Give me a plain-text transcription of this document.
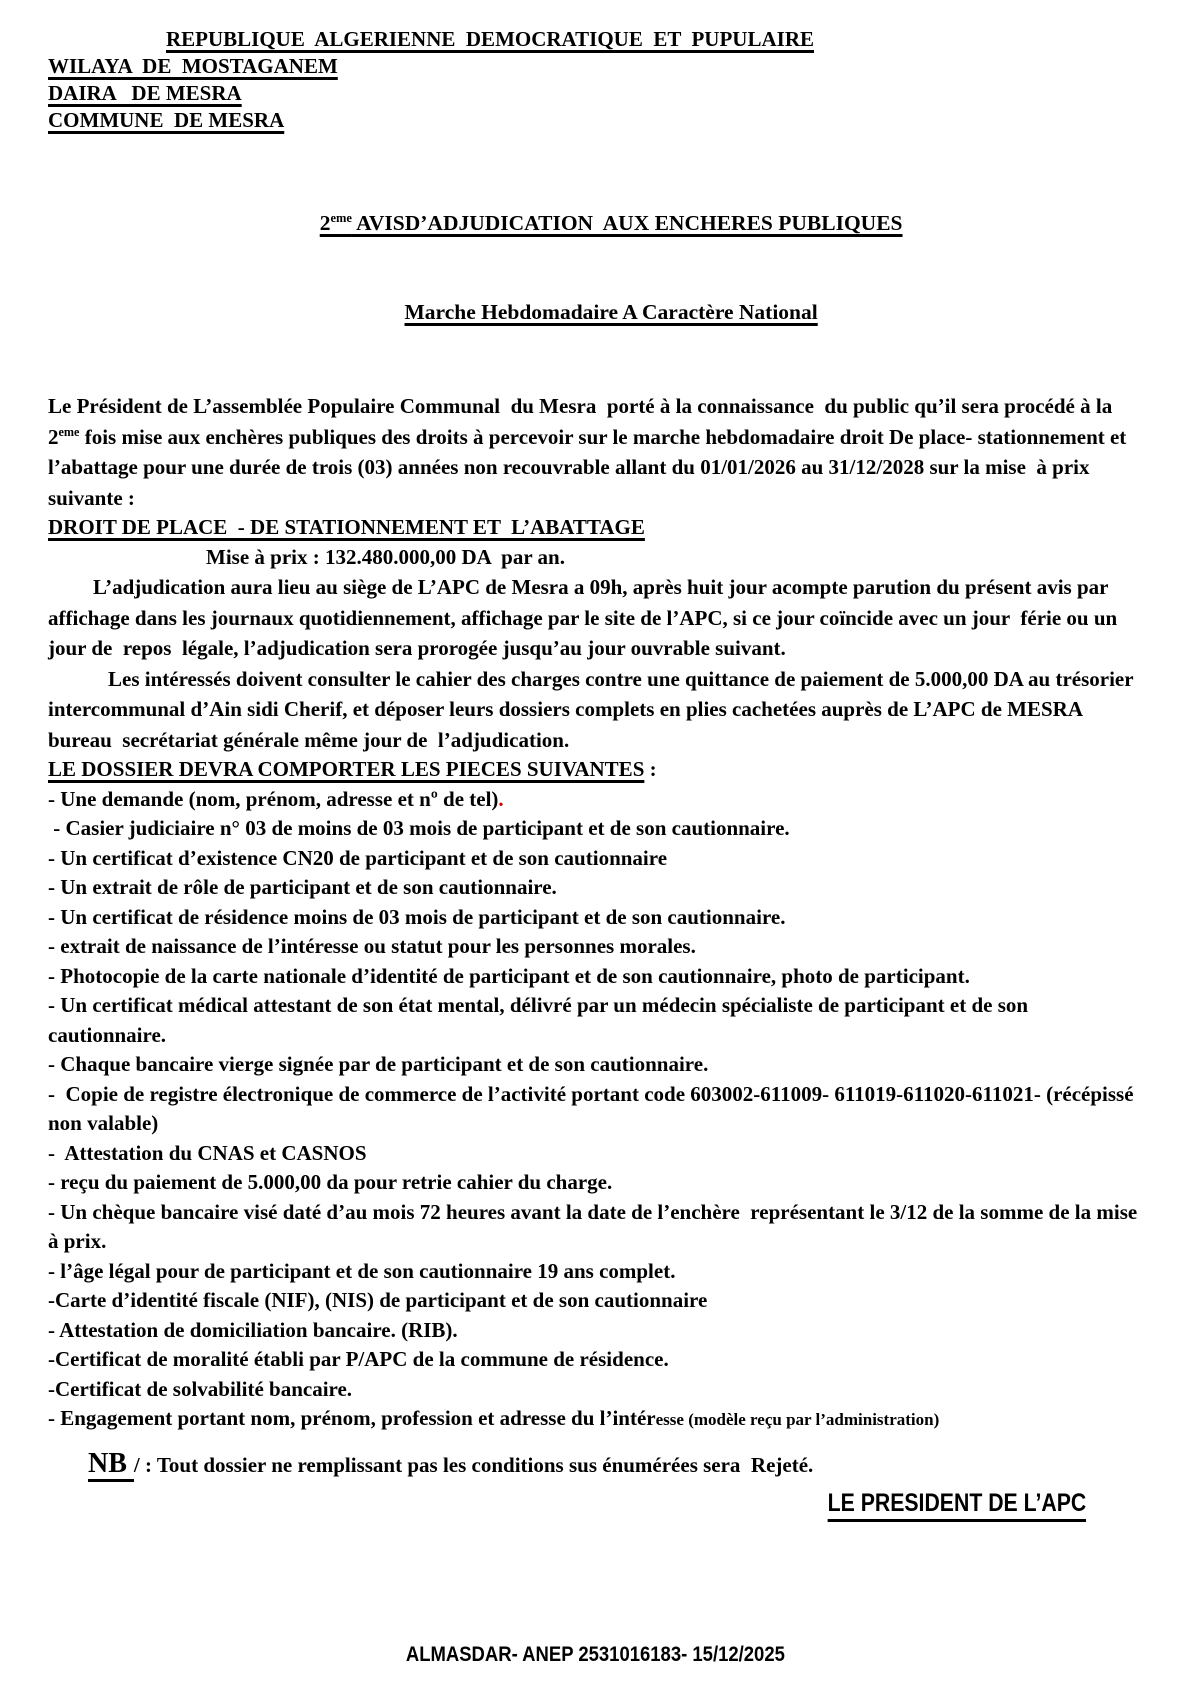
REPUBLIQUE  ALGERIENNE  DEMOCRATIQUE  ET  PUPULAIRE
WILAYA  DE  MOSTAGANEM
DAIRA   DE MESRA
COMMUNE  DE MESRA

2eme AVISD’ADJUDICATION  AUX ENCHERES PUBLIQUES

Marche Hebdomadaire A Caractère National

Le Président de L’assemblée Populaire Communal  du Mesra  porté à la connaissance  du public qu’il sera procédé à la 2eme fois mise aux enchères publiques des droits à percevoir sur le marche hebdomadaire droit De place- stationnement et l’abattage pour une durée de trois (03) années non recouvrable allant du 01/01/2026 au 31/12/2028 sur la mise  à prix suivante :

DROIT DE PLACE  - DE STATIONNEMENT ET  L’ABATTAGE
Mise à prix : 132.480.000,00 DA  par an.

L’adjudication aura lieu au siège de L’APC de Mesra a 09h, après huit jour acompte parution du présent avis par  affichage dans les journaux quotidiennement, affichage par le site de l’APC, si ce jour coïncide avec un jour  férie ou un jour de  repos  légale, l’adjudication sera prorogée jusqu’au jour ouvrable suivant.

Les intéressés doivent consulter le cahier des charges contre une quittance de paiement de 5.000,00 DA au trésorier intercommunal d’Ain sidi Cherif, et déposer leurs dossiers complets en plies cachetées auprès de L’APC de MESRA bureau  secrétariat générale même jour de  l’adjudication.

LE DOSSIER DEVRA COMPORTER LES PIECES SUIVANTES :
- Une demande (nom, prénom, adresse et nº de tel).
- Casier judiciaire n° 03 de moins de 03 mois de participant et de son cautionnaire.
- Un certificat d’existence CN20 de participant et de son cautionnaire
- Un extrait de rôle de participant et de son cautionnaire.
- Un certificat de résidence moins de 03 mois de participant et de son cautionnaire.
- extrait de naissance de l’intéresse ou statut pour les personnes morales.
- Photocopie de la carte nationale d’identité de participant et de son cautionnaire, photo de participant.
- Un certificat médical attestant de son état mental, délivré par un médecin spécialiste de participant et de son cautionnaire.
- Chaque bancaire vierge signée par de participant et de son cautionnaire.
-  Copie de registre électronique de commerce de l’activité portant code 603002-611009- 611019-611020-611021- (récépissé non valable)
-  Attestation du CNAS et CASNOS
- reçu du paiement de 5.000,00 da pour retrie cahier du charge.
- Un chèque bancaire visé daté d’au mois 72 heures avant la date de l’enchère  représentant le 3/12 de la somme de la mise à prix.
- l’âge légal pour de participant et de son cautionnaire 19 ans complet.
-Carte d’identité fiscale (NIF), (NIS) de participant et de son cautionnaire
- Attestation de domiciliation bancaire. (RIB).
-Certificat de moralité établi par P/APC de la commune de résidence.
-Certificat de solvabilité bancaire.
- Engagement portant nom, prénom, profession et adresse du l’intéresse (modèle reçu par l’administration)
NB / : Tout dossier ne remplissant pas les conditions sus énumérées sera  Rejeté.
LE PRESIDENT DE L’APC
ALMASDAR- ANEP 2531016183- 15/12/2025
